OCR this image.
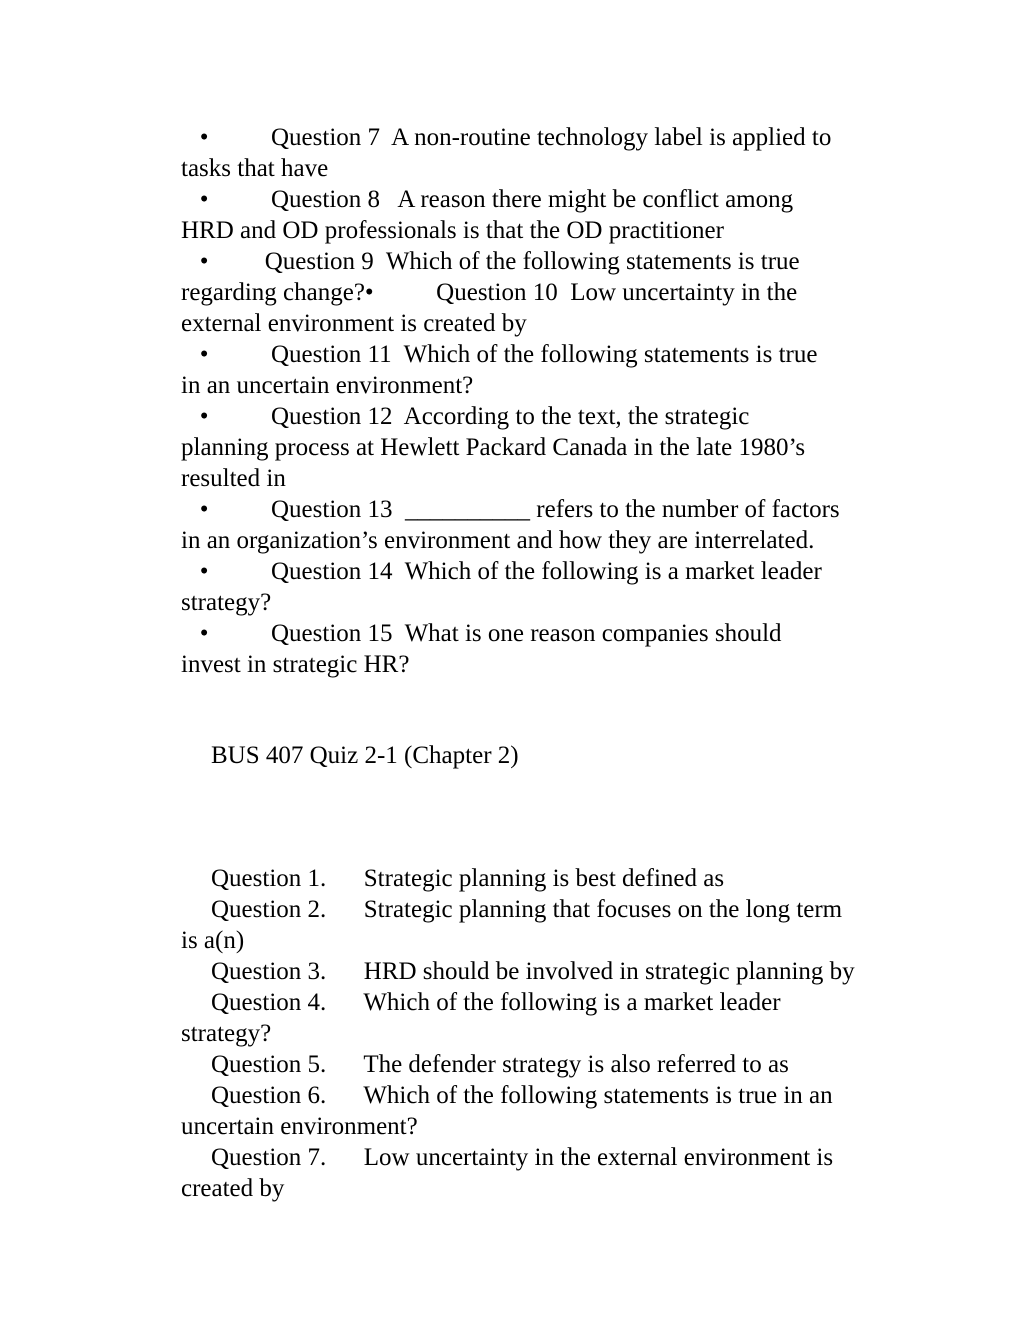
•          Question 7  A non-routine technology label is applied to
tasks that have
•          Question 8   A reason there might be conflict among
HRD and OD professionals is that the OD practitioner
•         Question 9  Which of the following statements is true
regarding change?•          Question 10  Low uncertainty in the
external environment is created by
•          Question 11  Which of the following statements is true
in an uncertain environment?
•          Question 12  According to the text, the strategic
planning process at Hewlett Packard Canada in the late 1980’s
resulted in
•          Question 13  __________ refers to the number of factors
in an organization’s environment and how they are interrelated.
•          Question 14  Which of the following is a market leader
strategy?
•          Question 15  What is one reason companies should
invest in strategic HR?
BUS 407 Quiz 2-1 (Chapter 2)
Question 1.      Strategic planning is best defined as
Question 2.      Strategic planning that focuses on the long term
is a(n)
Question 3.      HRD should be involved in strategic planning by
Question 4.      Which of the following is a market leader
strategy?
Question 5.      The defender strategy is also referred to as
Question 6.      Which of the following statements is true in an
uncertain environment?
Question 7.      Low uncertainty in the external environment is
created by
